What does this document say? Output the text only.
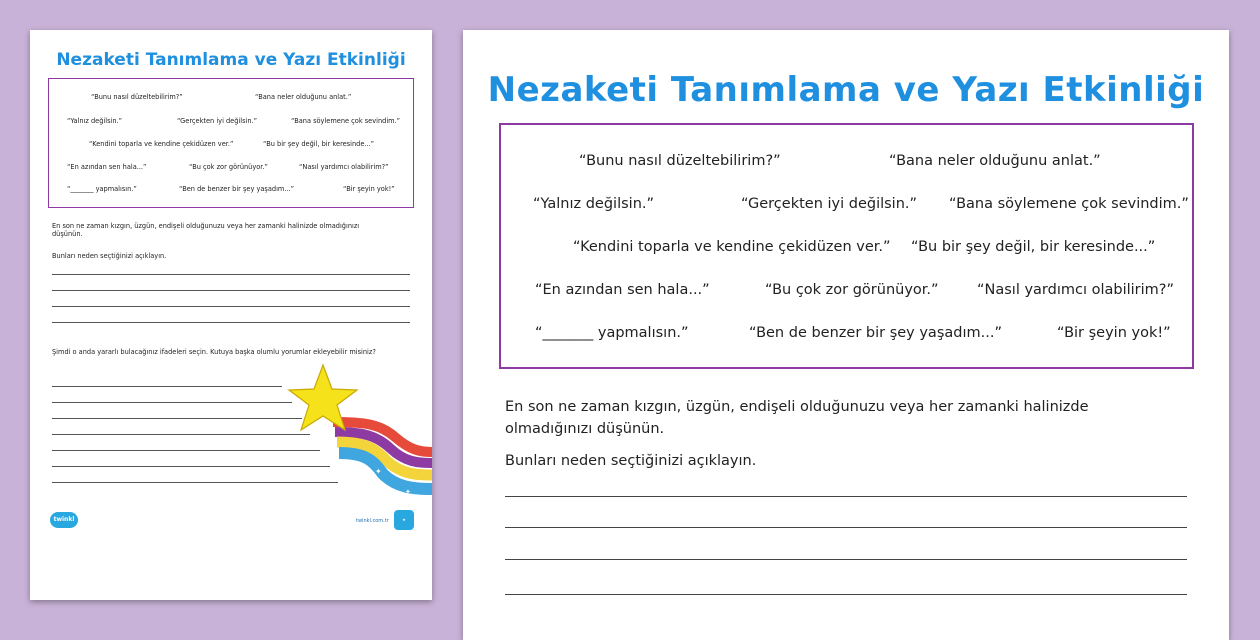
Nezaketi Tanımlama ve Yazı Etkinliği
“Bunu nasıl düzeltebilirim?”	“Bana neler olduğunu anlat.”
“Yalnız değilsin.”	“Gerçekten iyi değilsin.”	“Bana söylemene çok sevindim.”
“Kendini toparla ve kendine çekidüzen ver.”	“Bu bir şey değil, bir keresinde...”
“En azından sen hala...”	“Bu çok zor görünüyor.”	“Nasıl yardımcı olabilirim?”
“_______ yapmalısın.”	“Ben de benzer bir şey yaşadım...”	“Bir şeyin yok!”
En son ne zaman kızgın, üzgün, endişeli olduğunuzu veya her zamanki halinizde olmadığınızı düşünün.
Bunları neden seçtiğinizi açıklayın.
Şimdi o anda yararlı bulacağınız ifadeleri seçin. Kutuya başka olumlu yorumlar ekleyebilir misiniz?
✦
✦
twinkl	twinkl.com.tr	★
Nezaketi Tanımlama ve Yazı Etkinliği
“Bunu nasıl düzeltebilirim?”	“Bana neler olduğunu anlat.”
“Yalnız değilsin.”	“Gerçekten iyi değilsin.” “Bana söylemene çok sevindim.”
“Kendini toparla ve kendine çekidüzen ver.” “Bu bir şey değil, bir keresinde...”
“En azından sen hala...”	“Bu çok zor görünüyor.”	“Nasıl yardımcı olabilirim?”
“_______ yapmalısın.”	“Ben de benzer bir şey yaşadım...”	“Bir şeyin yok!”
En son ne zaman kızgın, üzgün, endişeli olduğunuzu veya her zamanki halinizde olmadığınızı düşünün.
Bunları neden seçtiğinizi açıklayın.
